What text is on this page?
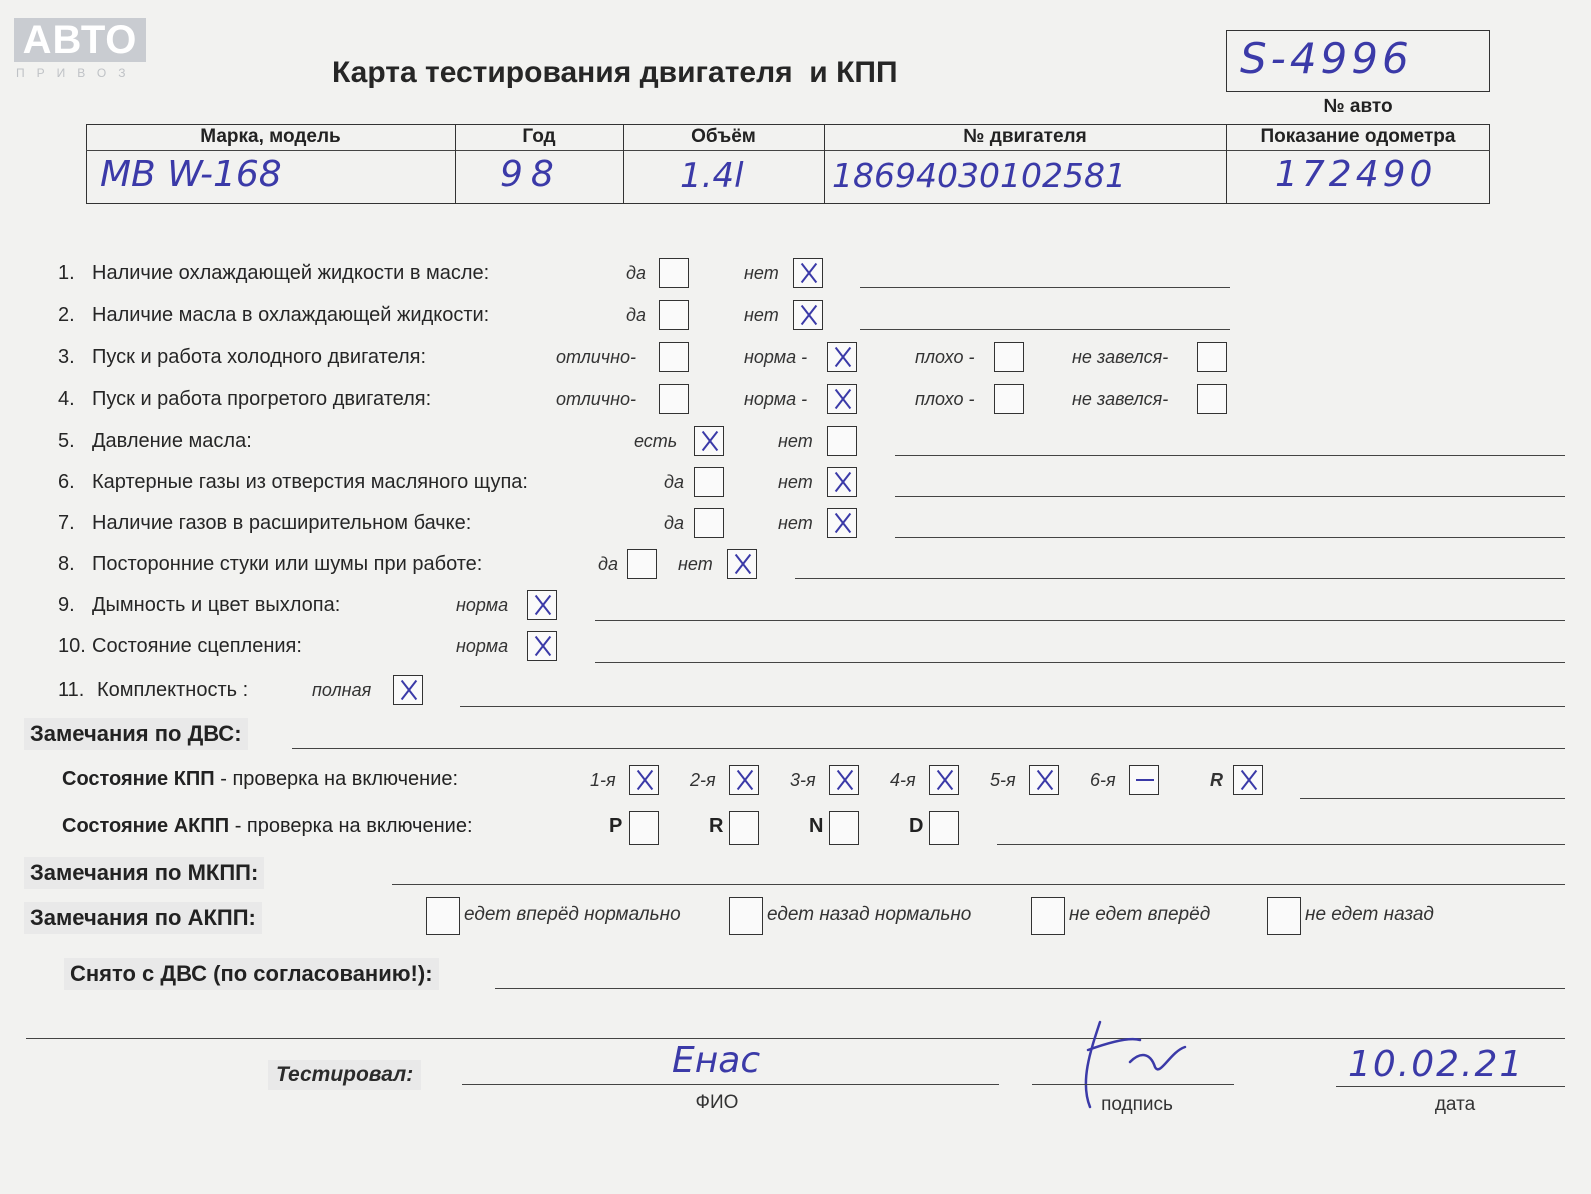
АВТО
ПРИВОЗ	Карта тестирования двигателя  и КПП	S-4996
№ авто
Марка, модель	Год	Объём	№ двигателя	Показание одометра
MB W-168	98	1.4l	18694030102581	172490
1. Наличие охлаждающей жидкости в масле:	да	нет
2. Наличие масла в охлаждающей жидкости:	да	нет
3. Пуск и работа холодного двигателя:	отлично-	норма -	плохо -	не завелся-
4. Пуск и работа прогретого двигателя:	отлично-	норма -	плохо -	не завелся-
5. Давление масла:	есть	нет
6. Картерные газы из отверстия масляного щупа:	да	нет
7. Наличие газов в расширительном бачке:	да	нет
8. Посторонние стуки или шумы при работе:	да	нет
9. Дымность и цвет выхлопа:	норма
10. Состояние сцепления:	норма
11. Комплектность :	полная
Замечания по ДВС:
Состояние КПП - проверка на включение:	1-я	2-я	3-я	4-я	5-я	6-я	R
Состояние АКПП - проверка на включение:	P	R	N	D
Замечания по МКПП:
Замечания по АКПП:	едет вперёд нормально	едет назад нормально	не едет вперёд	не едет назад
Снято с ДВС (по согласованию!):
Тестировал:	Енас
ФИО	подпись
10.02.21
дата
